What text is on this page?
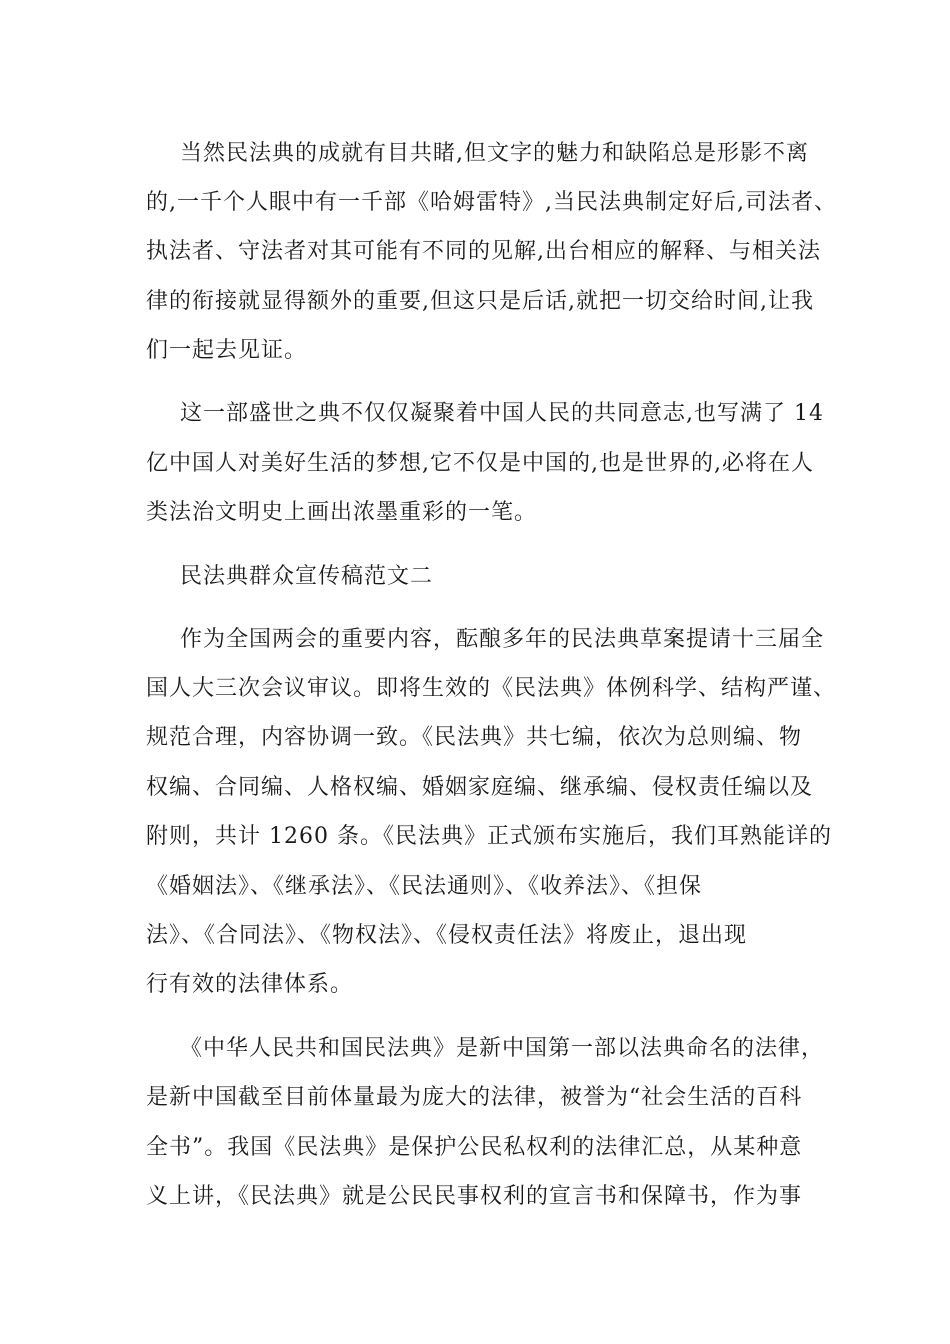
当然民法典的成就有目共睹,但文字的魅力和缺陷总是形影不离
的,一千个人眼中有一千部《哈姆雷特》,当民法典制定好后,司法者、
执法者、守法者对其可能有不同的见解,出台相应的解释、与相关法
律的衔接就显得额外的重要,但这只是后话,就把一切交给时间,让我
们一起去见证。
这一部盛世之典不仅仅凝聚着中国人民的共同意志,也写满了 14
亿中国人对美好生活的梦想,它不仅是中国的,也是世界的,必将在人
类法治文明史上画出浓墨重彩的一笔。
民法典群众宣传稿范文二
作为全国两会的重要内容，酝酿多年的民法典草案提请十三届全
国人大三次会议审议。即将生效的《民法典》体例科学、结构严谨、
规范合理，内容协调一致。《民法典》共七编，依次为总则编、物
权编、合同编、人格权编、婚姻家庭编、继承编、侵权责任编以及
附则，共计 1260 条。《民法典》正式颁布实施后，我们耳熟能详的
《婚姻法》、《继承法》、《民法通则》、《收养法》、《担保
法》、《合同法》、《物权法》、《侵权责任法》将废止，退出现
行有效的法律体系。
《中华人民共和国民法典》是新中国第一部以法典命名的法律，
是新中国截至目前体量最为庞大的法律，被誉为“社会生活的百科
全书”。我国《民法典》是保护公民私权利的法律汇总，从某种意
义上讲，《民法典》就是公民民事权利的宣言书和保障书，作为事
